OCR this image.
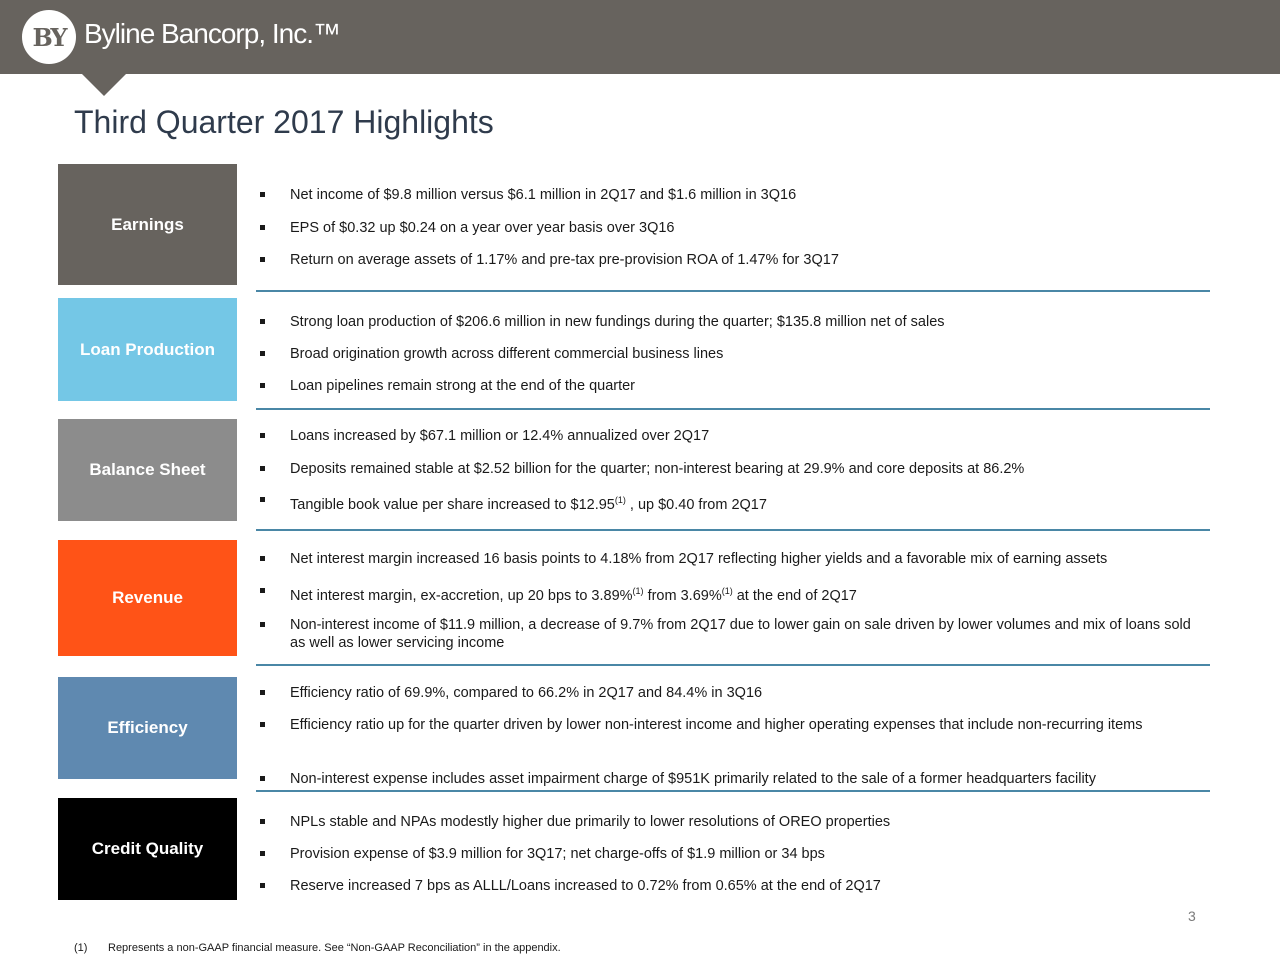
BY Byline Bancorp, Inc.™
Third Quarter 2017 Highlights
Earnings
Net income of $9.8 million versus $6.1 million in 2Q17 and $1.6 million in 3Q16
EPS of $0.32 up $0.24 on a year over year basis over 3Q16
Return on average assets of 1.17% and pre-tax pre-provision ROA of 1.47% for 3Q17
Loan Production
Strong loan production of $206.6 million in new fundings during the quarter; $135.8 million net of sales
Broad origination growth across different commercial business lines
Loan pipelines remain strong at the end of the quarter
Balance Sheet
Loans increased by $67.1 million or 12.4% annualized over 2Q17
Deposits remained stable at $2.52 billion for the quarter; non-interest bearing at 29.9% and core deposits at 86.2%
Tangible book value per share increased to $12.95$^{(1)}$ , up $0.40 from 2Q17
Revenue
Net interest margin increased 16 basis points to 4.18% from 2Q17 reflecting higher yields and a favorable mix of earning assets
Net interest margin, ex-accretion, up 20 bps to 3.89%$^{(1)}$ from 3.69%$^{(1)}$ at the end of 2Q17
Non-interest income of $11.9 million, a decrease of 9.7% from 2Q17 due to lower gain on sale driven by lower volumes and mix of loans sold as well as lower servicing income
Efficiency
Efficiency ratio of 69.9%, compared to 66.2% in 2Q17 and 84.4% in 3Q16
Efficiency ratio up for the quarter driven by lower non-interest income and higher operating expenses that include non-recurring items
Non-interest expense includes asset impairment charge of $951K primarily related to the sale of a former headquarters facility
Credit Quality
NPLs stable and NPAs modestly higher due primarily to lower resolutions of OREO properties
Provision expense of $3.9 million for 3Q17; net charge-offs of $1.9 million or 34 bps
Reserve increased 7 bps as ALLL/Loans increased to 0.72% from 0.65% at the end of 2Q17
3
(1) Represents a non-GAAP financial measure. See “Non-GAAP Reconciliation” in the appendix.
